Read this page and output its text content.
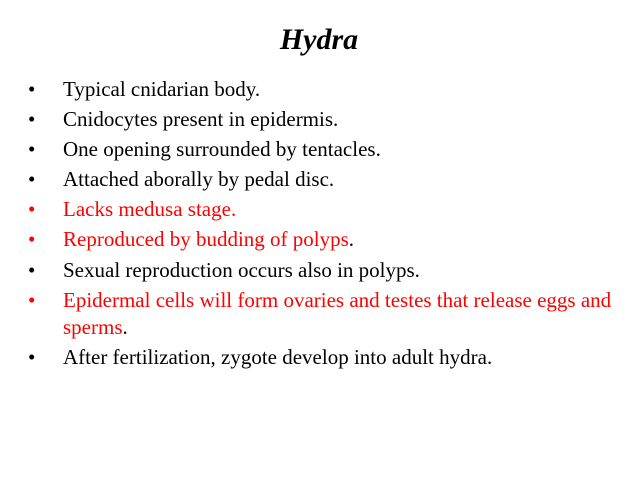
Hydra
•	Typical cnidarian body.
•	Cnidocytes present in epidermis.
•	One opening surrounded by tentacles.
•	Attached aborally by pedal disc.
•	Lacks medusa stage.
•	Reproduced by budding of polyps.
•	Sexual reproduction occurs also in polyps.
•	Epidermal cells will form ovaries and testes that release eggs and sperms.
•	After fertilization, zygote develop into adult hydra.
